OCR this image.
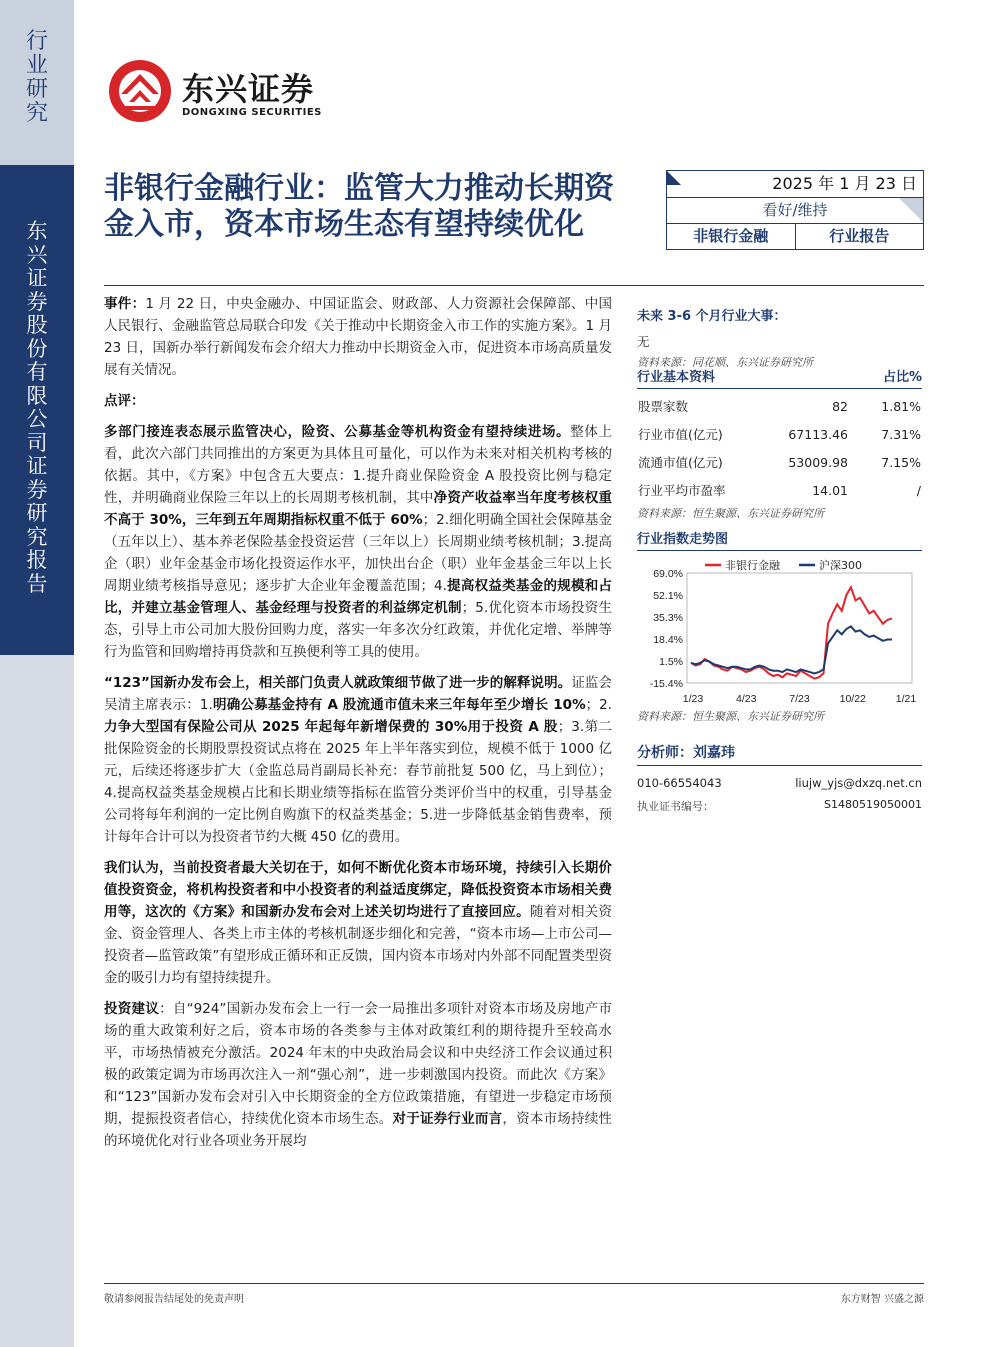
行业研究
东兴证券股份有限公司证券研究报告
东兴证券
DONGXING SECURITIES
非银行金融行业：监管大力推动长期资金入市，资本市场生态有望持续优化
2025 年 1 月 23 日
看好/维持
非银行金融	行业报告

事件：1 月 22 日，中央金融办、中国证监会、财政部、人力资源社会保障部、中国人民银行、金融监管总局联合印发《关于推动中长期资金入市工作的实施方案》。1 月 23 日，国新办举行新闻发布会介绍大力推动中长期资金入市，促进资本市场高质量发展有关情况。

点评：

多部门接连表态展示监管决心，险资、公募基金等机构资金有望持续进场。整体上看，此次六部门共同推出的方案更为具体且可量化，可以作为未来对相关机构考核的依据。其中，《方案》中包含五大要点：1.提升商业保险资金 A 股投资比例与稳定性，并明确商业保险三年以上的长周期考核机制，其中净资产收益率当年度考核权重不高于 30%，三年到五年周期指标权重不低于 60%；2.细化明确全国社会保障基金（五年以上）、基本养老保险基金投资运营（三年以上）长周期业绩考核机制；3.提高企（职）业年金基金市场化投资运作水平，加快出台企（职）业年金基金三年以上长周期业绩考核指导意见；逐步扩大企业年金覆盖范围；4.提高权益类基金的规模和占比，并建立基金管理人、基金经理与投资者的利益绑定机制；5.优化资本市场投资生态，引导上市公司加大股份回购力度，落实一年多次分红政策，并优化定增、举牌等行为监管和回购增持再贷款和互换便利等工具的使用。

“123”国新办发布会上，相关部门负责人就政策细节做了进一步的解释说明。证监会吴清主席表示：1.明确公募基金持有 A 股流通市值未来三年每年至少增长 10%；2.力争大型国有保险公司从 2025 年起每年新增保费的 30%用于投资 A 股；3.第二批保险资金的长期股票投资试点将在 2025 年上半年落实到位，规模不低于 1000 亿元，后续还将逐步扩大（金监总局肖副局长补充：春节前批复 500 亿，马上到位）；4.提高权益类基金规模占比和长期业绩等指标在监管分类评价当中的权重，引导基金公司将每年利润的一定比例自购旗下的权益类基金；5.进一步降低基金销售费率，预计每年合计可以为投资者节约大概 450 亿的费用。

我们认为，当前投资者最大关切在于，如何不断优化资本市场环境，持续引入长期价值投资资金，将机构投资者和中小投资者的利益适度绑定，降低投资资本市场相关费用等，这次的《方案》和国新办发布会对上述关切均进行了直接回应。随着对相关资金、资金管理人、各类上市主体的考核机制逐步细化和完善，“资本市场—上市公司—投资者—监管政策”有望形成正循环和正反馈，国内资本市场对内外部不同配置类型资金的吸引力均有望持续提升。

投资建议：自“924”国新办发布会上一行一会一局推出多项针对资本市场及房地产市场的重大政策利好之后，资本市场的各类参与主体对政策红利的期待提升至较高水平，市场热情被充分激活。2024 年末的中央政治局会议和中央经济工作会议通过积极的政策定调为市场再次注入一剂“强心剂”，进一步刺激国内投资。而此次《方案》和“123”国新办发布会对引入中长期资金的全方位政策措施，有望进一步稳定市场预期，提振投资者信心，持续优化资本市场生态。对于证券行业而言，资本市场持续性的环境优化对行业各项业务开展均

未来 3-6 个月行业大事：
无
资料来源：同花顺、东兴证券研究所
行业基本资料	占比%
股票家数	82	1.81%
行业市值(亿元)	67113.46	7.31%
流通市值(亿元)	53009.98	7.15%
行业平均市盈率	14.01	/
资料来源：恒生聚源、东兴证券研究所
行业指数走势图
69.0%
52.1%
35.3%
18.4%
1.5%
-15.4%
1/23	4/23	7/23	10/22	1/21
非银行金融	沪深300
资料来源：恒生聚源、东兴证券研究所
分析师：刘嘉玮
010-66554043	liujw_yjs@dxzq.net.cn
执业证书编号：	S1480519050001
敬请参阅报告结尾处的免责声明	东方财智 兴盛之源
